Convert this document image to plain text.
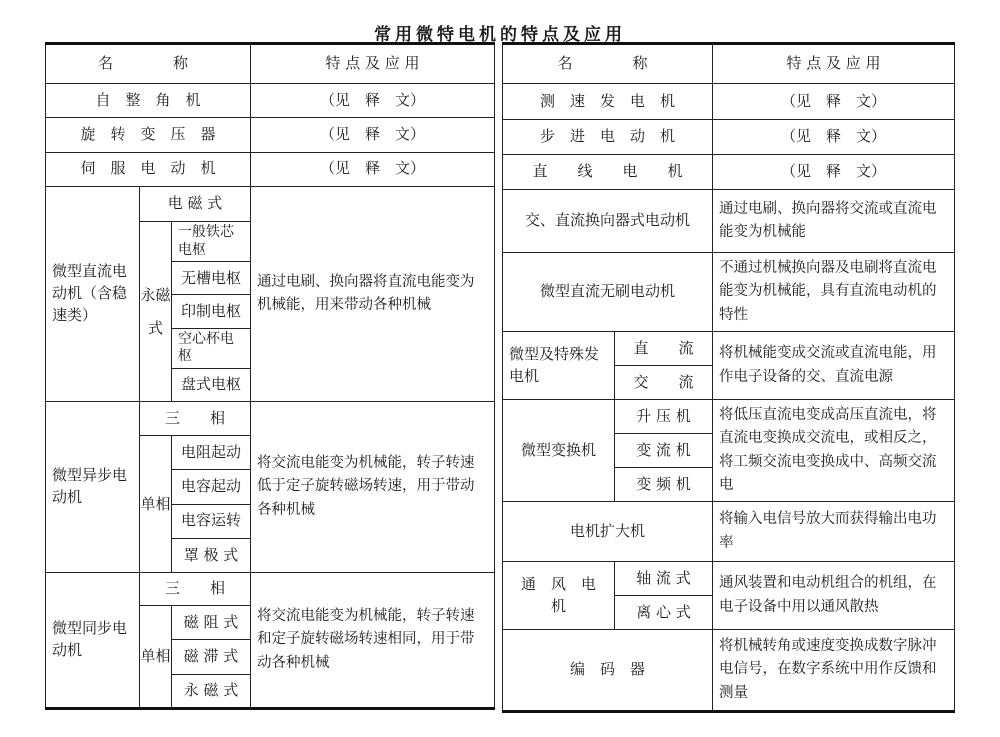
常用微特电机的特点及应用
名　　称			特 点 及 应 用
自　整　角　机			（见　释　文）
旋　转　变　压　器			（见　释　文）
伺　服　电　动　机			（见　释　文）
微型直流电动机（含稳速类）	电 磁 式		通过电刷、换向器将直流电能变为机械能，用来带动各种机械
	永磁式	一般铁芯电枢	
		无槽电枢	
		印制电枢	
		空心杯电枢	
		盘式电枢	
微型异步电动机	三　　相		将交流电能变为机械能，转子转速低于定子旋转磁场转速，用于带动各种机械
	单相	电阻起动	
		电容起动	
		电容运转	
		罩 极 式	
微型同步电动机	三　　相		将交流电能变为机械能，转子转速和定子旋转磁场转速相同，用于带动各种机械
	单相	磁 阻 式	
		磁 滞 式	
		永 磁 式	
名　　称		特 点 及 应 用
测　速　发　电　机		（见　释　文）
步　进　电　动　机		（见　释　文）
直　　线　　电　　机		（见　释　文）
交、直流换向器式电动机		通过电刷、换向器将交流或直流电能变为机械能
微型直流无刷电动机		不通过机械换向器及电刷将直流电能变为机械能，具有直流电动机的特性
微型及特殊发电机	直　　流	将机械能变成交流或直流电能，用作电子设备的交、直流电源
	交　　流	
微型变换机	升 压 机	将低压直流电变成高压直流电，将直流电变换成交流电，或相反之，将工频交流电变换成中、高频交流电
	变 流 机	
	变 频 机	
电机扩大机		将输入电信号放大而获得输出电功率
通　风　电　机	轴 流 式	通风装置和电动机组合的机组，在电子设备中用以通风散热
	离 心 式	
编　码　器		将机械转角或速度变换成数字脉冲电信号，在数字系统中用作反馈和测量
